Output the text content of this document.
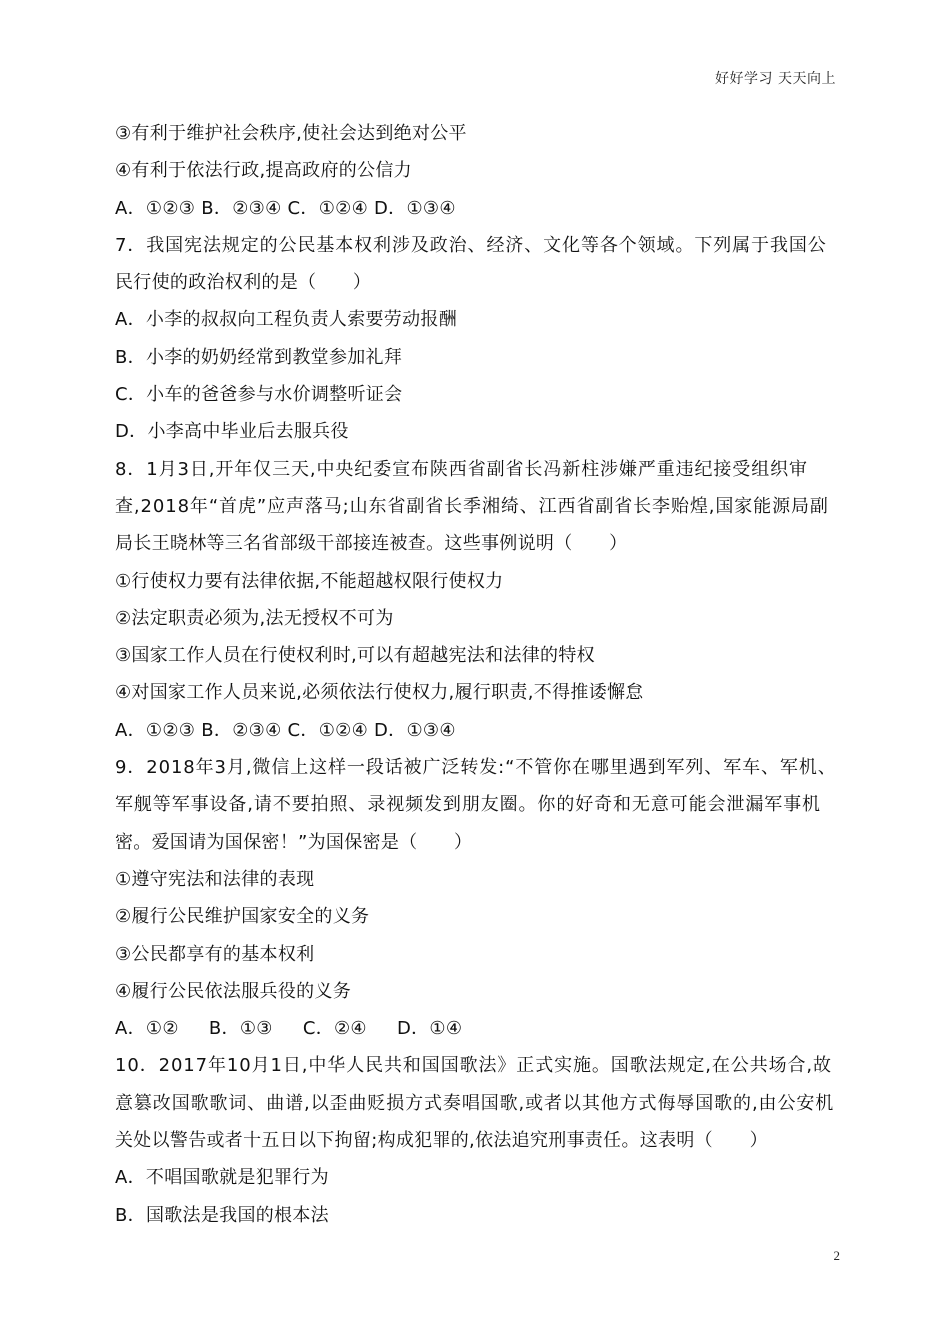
好好学习 天天向上
③有利于维护社会秩序,使社会达到绝对公平
④有利于依法行政,提高政府的公信力
A．①②③ B．②③④ C．①②④ D．①③④
7．我国宪法规定的公民基本权利涉及政治、经济、文化等各个领域。下列属于我国公
民行使的政治权利的是（　　）
A．小李的叔叔向工程负责人索要劳动报酬
B．小李的奶奶经常到教堂参加礼拜
C．小车的爸爸参与水价调整听证会
D．小李高中毕业后去服兵役
8．1月3日,开年仅三天,中央纪委宣布陕西省副省长冯新柱涉嫌严重违纪接受组织审
查,2018年“首虎”应声落马;山东省副省长季湘绮、江西省副省长李贻煌,国家能源局副
局长王晓林等三名省部级干部接连被查。这些事例说明（　　）
①行使权力要有法律依据,不能超越权限行使权力
②法定职责必须为,法无授权不可为
③国家工作人员在行使权利时,可以有超越宪法和法律的特权
④对国家工作人员来说,必须依法行使权力,履行职责,不得推诿懈怠
A．①②③ B．②③④ C．①②④ D．①③④
9．2018年3月,微信上这样一段话被广泛转发:“不管你在哪里遇到军列、军车、军机、
军舰等军事设备,请不要拍照、录视频发到朋友圈。你的好奇和无意可能会泄漏军事机
密。爱国请为国保密！”为国保密是（　　）
①遵守宪法和法律的表现
②履行公民维护国家安全的义务
③公民都享有的基本权利
④履行公民依法服兵役的义务
A．①②     B．①③     C．②④     D．①④
10．2017年10月1日,中华人民共和国国歌法》正式实施。国歌法规定,在公共场合,故
意篡改国歌歌词、曲谱,以歪曲贬损方式奏唱国歌,或者以其他方式侮辱国歌的,由公安机
关处以警告或者十五日以下拘留;构成犯罪的,依法追究刑事责任。这表明（　　）
A．不唱国歌就是犯罪行为
B．国歌法是我国的根本法
2
